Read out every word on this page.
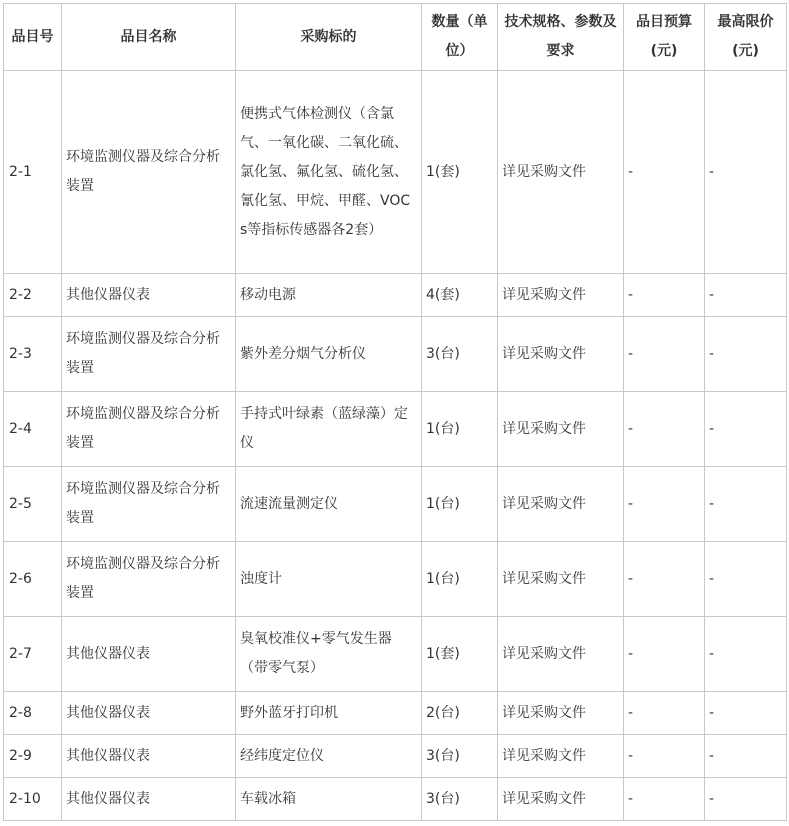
品目号	品目名称	采购标的	数量（单位）	技术规格、参数及要求	品目预算(元)	最高限价(元)
2-1	环境监测仪器及综合分析装置	便携式气体检测仪（含氯气、一氧化碳、二氧化硫、氯化氢、氟化氢、硫化氢、氰化氢、甲烷、甲醛、VOCs等指标传感器各2套）	1(套)	详见采购文件	-	-
2-2	其他仪器仪表	移动电源	4(套)	详见采购文件	-	-
2-3	环境监测仪器及综合分析装置	紫外差分烟气分析仪	3(台)	详见采购文件	-	-
2-4	环境监测仪器及综合分析装置	手持式叶绿素（蓝绿藻）定仪	1(台)	详见采购文件	-	-
2-5	环境监测仪器及综合分析装置	流速流量测定仪	1(台)	详见采购文件	-	-
2-6	环境监测仪器及综合分析装置	浊度计	1(台)	详见采购文件	-	-
2-7	其他仪器仪表	臭氧校准仪+零气发生器（带零气泵）	1(套)	详见采购文件	-	-
2-8	其他仪器仪表	野外蓝牙打印机	2(台)	详见采购文件	-	-
2-9	其他仪器仪表	经纬度定位仪	3(台)	详见采购文件	-	-
2-10	其他仪器仪表	车载冰箱	3(台)	详见采购文件	-	-
